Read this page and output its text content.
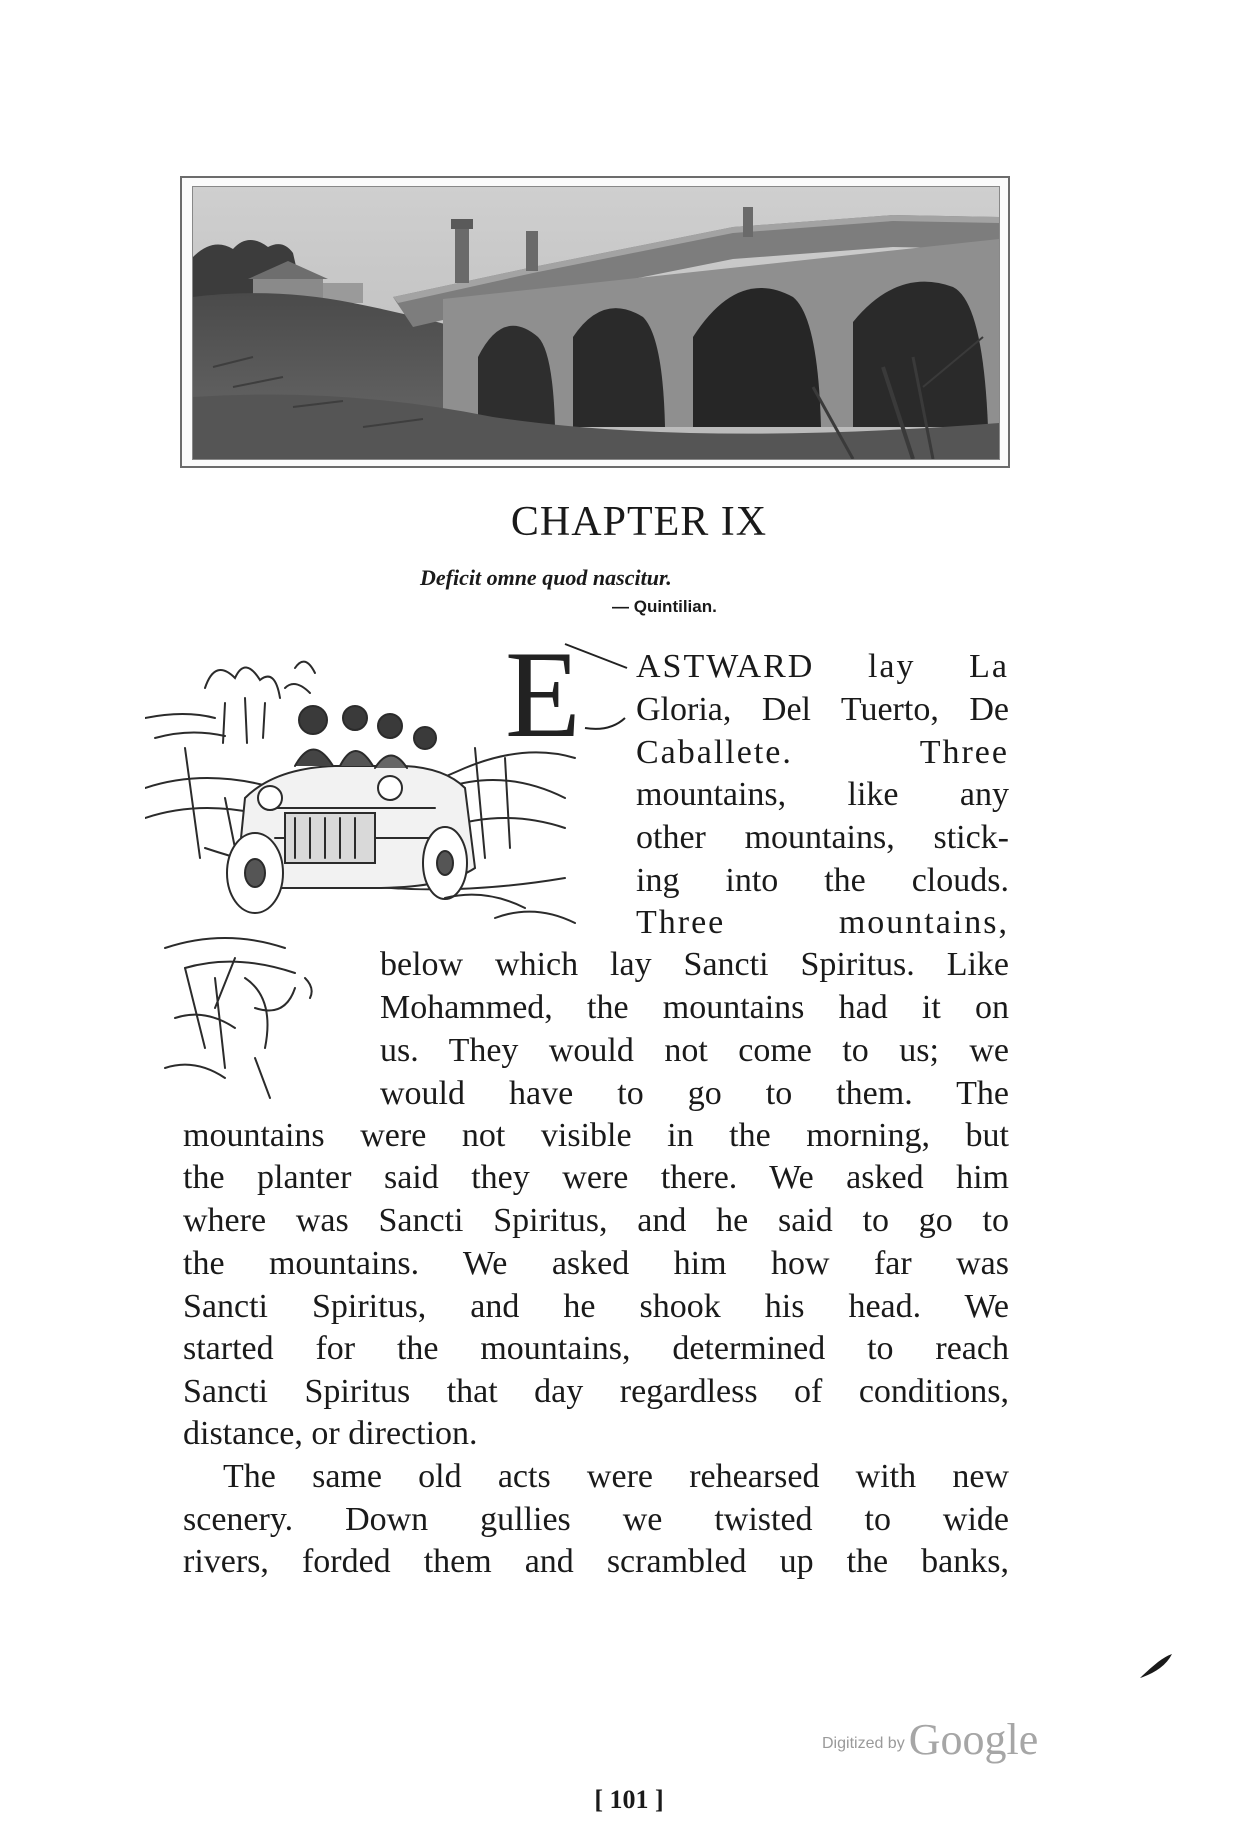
CHAPTER IX
Deficit omne quod nascitur.
— Quintilian.
E ASTWARD lay La
Gloria, Del Tuerto, De
Caballete. Three
mountains, like any
other mountains, stick-
ing into the clouds.
Three mountains,
below which lay Sancti Spiritus. Like
Mohammed, the mountains had it on
us. They would not come to us; we
would have to go to them. The
mountains were not visible in the morning, but
the planter said they were there. We asked him
where was Sancti Spiritus, and he said to go to
the mountains. We asked him how far was
Sancti Spiritus, and he shook his head. We
started for the mountains, determined to reach
Sancti Spiritus that day regardless of conditions,
distance, or direction.
The same old acts were rehearsed with new
scenery. Down gullies we twisted to wide
rivers, forded them and scrambled up the banks,
[ 101 ]
Digitized by Google
